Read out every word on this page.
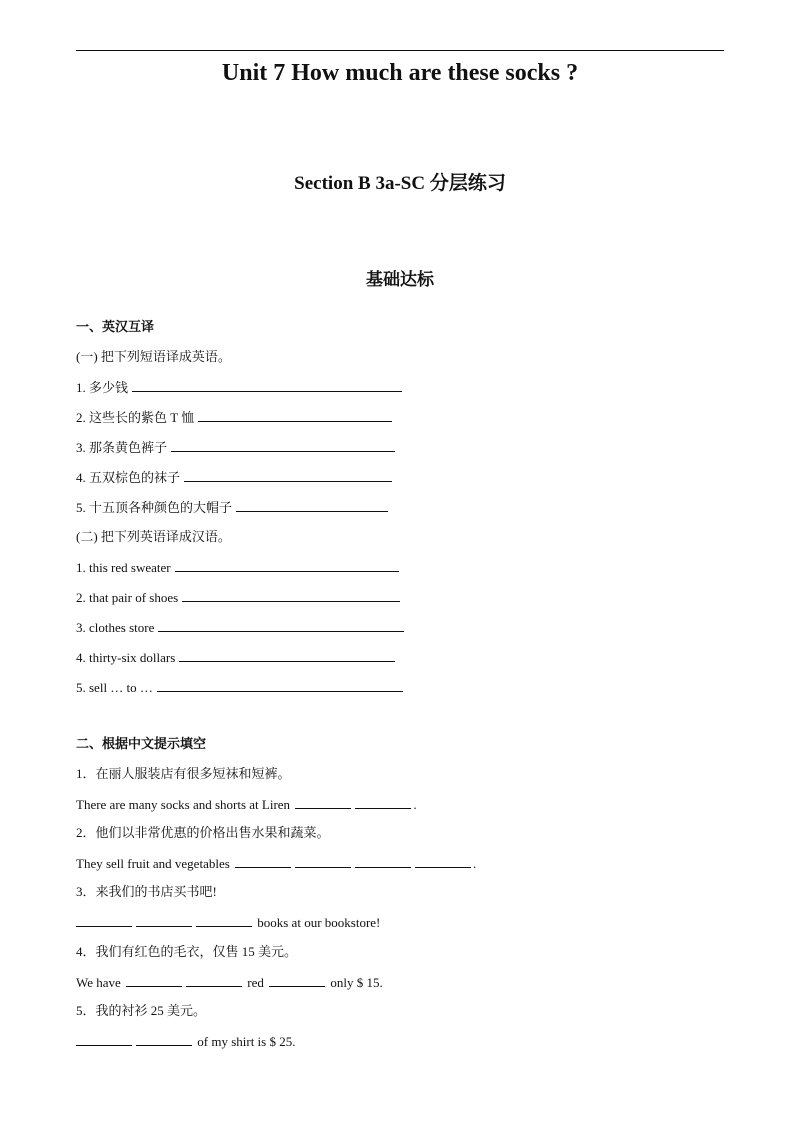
Unit 7 How much are these socks ?
Section B 3a-SC 分层练习
基础达标
一、英汉互译
(一) 把下列短语译成英语。
1. 多少钱
2. 这些长的紫色 T 恤
3. 那条黄色裤子
4. 五双棕色的袜子
5. 十五顶各种颜色的大帽子
(二) 把下列英语译成汉语。
1. this red sweater
2. that pair of shoes
3. clothes store
4. thirty-six dollars
5. sell … to …
二、根据中文提示填空
1．在丽人服装店有很多短袜和短裤。
There are many socks and shorts at Liren	.
2．他们以非常优惠的价格出售水果和蔬菜。
They sell fruit and vegetables	.
3．来我们的书店买书吧!
books at our bookstore!
4．我们有红色的毛衣，仅售 15 美元。
We have	red	only $ 15.
5．我的衬衫 25 美元。
of my shirt is $ 25.
